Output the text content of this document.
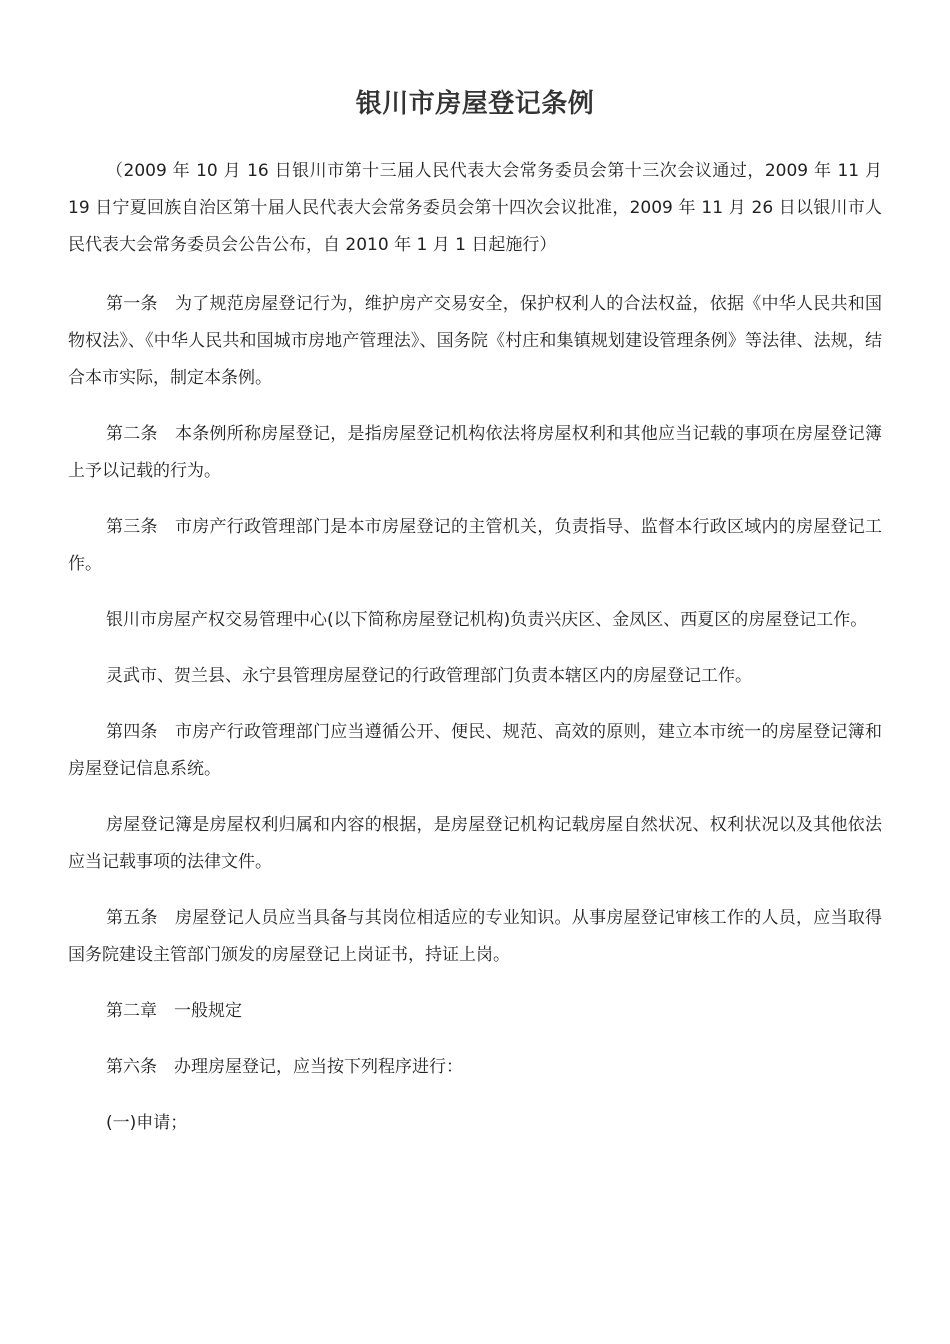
银川市房屋登记条例

（2009 年 10 月 16 日银川市第十三届人民代表大会常务委员会第十三次会议通过，2009 年 11 月 19 日宁夏回族自治区第十届人民代表大会常务委员会第十四次会议批准，2009 年 11 月 26 日以银川市人民代表大会常务委员会公告公布，自 2010 年 1 月 1 日起施行）

第一条　为了规范房屋登记行为，维护房产交易安全，保护权利人的合法权益，依据《中华人民共和国物权法》、《中华人民共和国城市房地产管理法》、国务院《村庄和集镇规划建设管理条例》等法律、法规，结合本市实际，制定本条例。

第二条　本条例所称房屋登记，是指房屋登记机构依法将房屋权利和其他应当记载的事项在房屋登记簿上予以记载的行为。

第三条　市房产行政管理部门是本市房屋登记的主管机关，负责指导、监督本行政区域内的房屋登记工作。

银川市房屋产权交易管理中心(以下简称房屋登记机构)负责兴庆区、金凤区、西夏区的房屋登记工作。

灵武市、贺兰县、永宁县管理房屋登记的行政管理部门负责本辖区内的房屋登记工作。

第四条　市房产行政管理部门应当遵循公开、便民、规范、高效的原则，建立本市统一的房屋登记簿和房屋登记信息系统。

房屋登记簿是房屋权利归属和内容的根据，是房屋登记机构记载房屋自然状况、权利状况以及其他依法应当记载事项的法律文件。

第五条　房屋登记人员应当具备与其岗位相适应的专业知识。从事房屋登记审核工作的人员，应当取得国务院建设主管部门颁发的房屋登记上岗证书，持证上岗。

第二章　一般规定

第六条　办理房屋登记，应当按下列程序进行：

(一)申请；
